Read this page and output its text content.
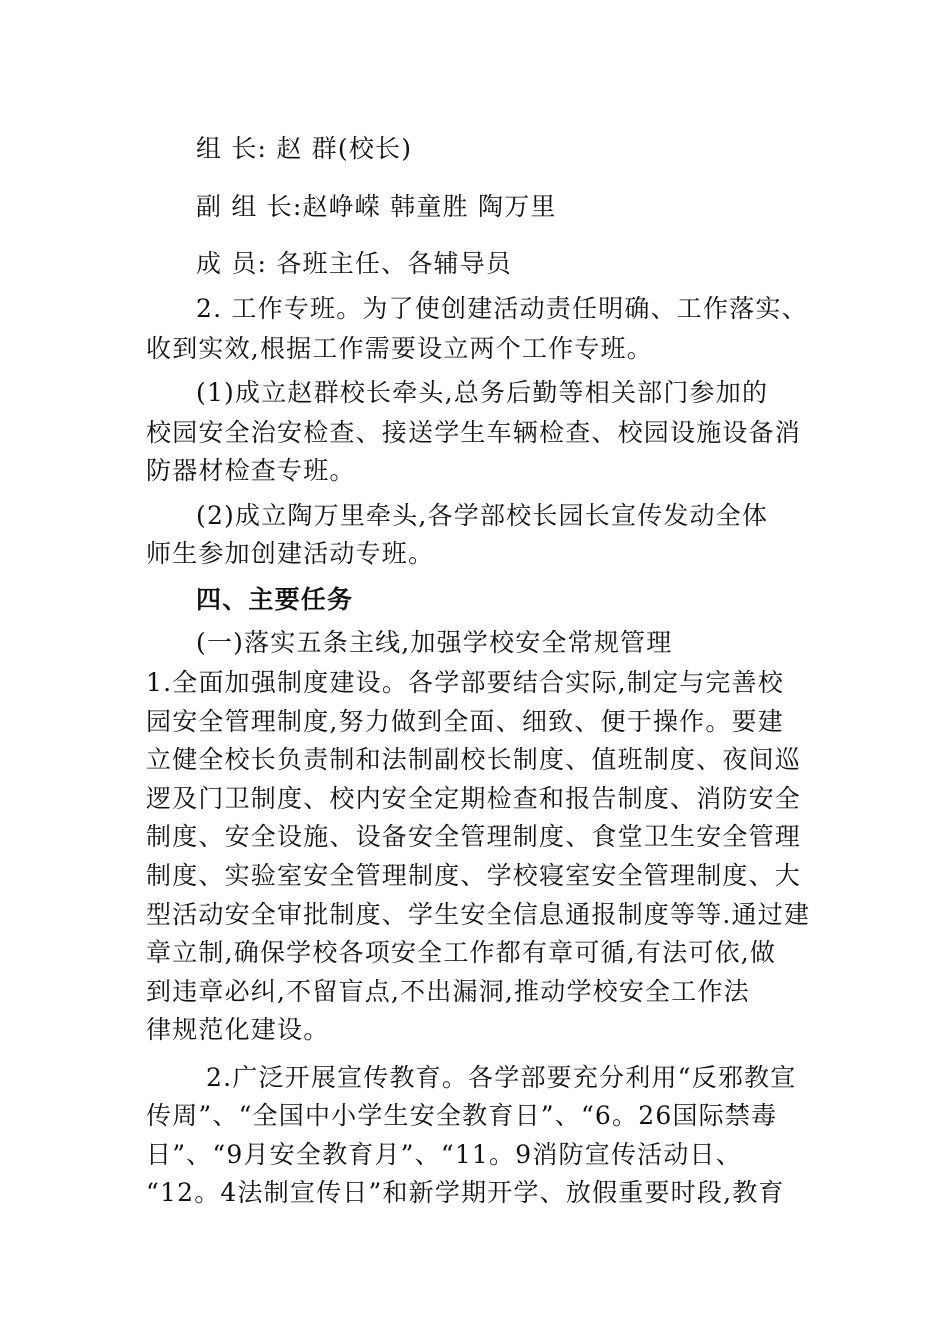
组 长: 赵 群(校长)
副 组 长:赵峥嵘 韩童胜 陶万里
成 员: 各班主任、各辅导员
2. 工作专班。为了使创建活动责任明确、工作落实、
收到实效,根据工作需要设立两个工作专班。
(1)成立赵群校长牵头,总务后勤等相关部门参加的
校园安全治安检查、接送学生车辆检查、校园设施设备消
防器材检查专班。
(2)成立陶万里牵头,各学部校长园长宣传发动全体
师生参加创建活动专班。
四、主要任务
(一)落实五条主线,加强学校安全常规管理
1.全面加强制度建设。各学部要结合实际,制定与完善校
园安全管理制度,努力做到全面、细致、便于操作。要建
立健全校长负责制和法制副校长制度、值班制度、夜间巡
逻及门卫制度、校内安全定期检查和报告制度、消防安全
制度、安全设施、设备安全管理制度、食堂卫生安全管理
制度、实验室安全管理制度、学校寝室安全管理制度、大
型活动安全审批制度、学生安全信息通报制度等等.通过建
章立制,确保学校各项安全工作都有章可循,有法可依,做
到违章必纠,不留盲点,不出漏洞,推动学校安全工作法
律规范化建设。
2.广泛开展宣传教育。各学部要充分利用“反邪教宣
传周”、“全国中小学生安全教育日”、“6。26国际禁毒
日”、“9月安全教育月”、“11。9消防宣传活动日、
“12。4法制宣传日”和新学期开学、放假重要时段,教育
